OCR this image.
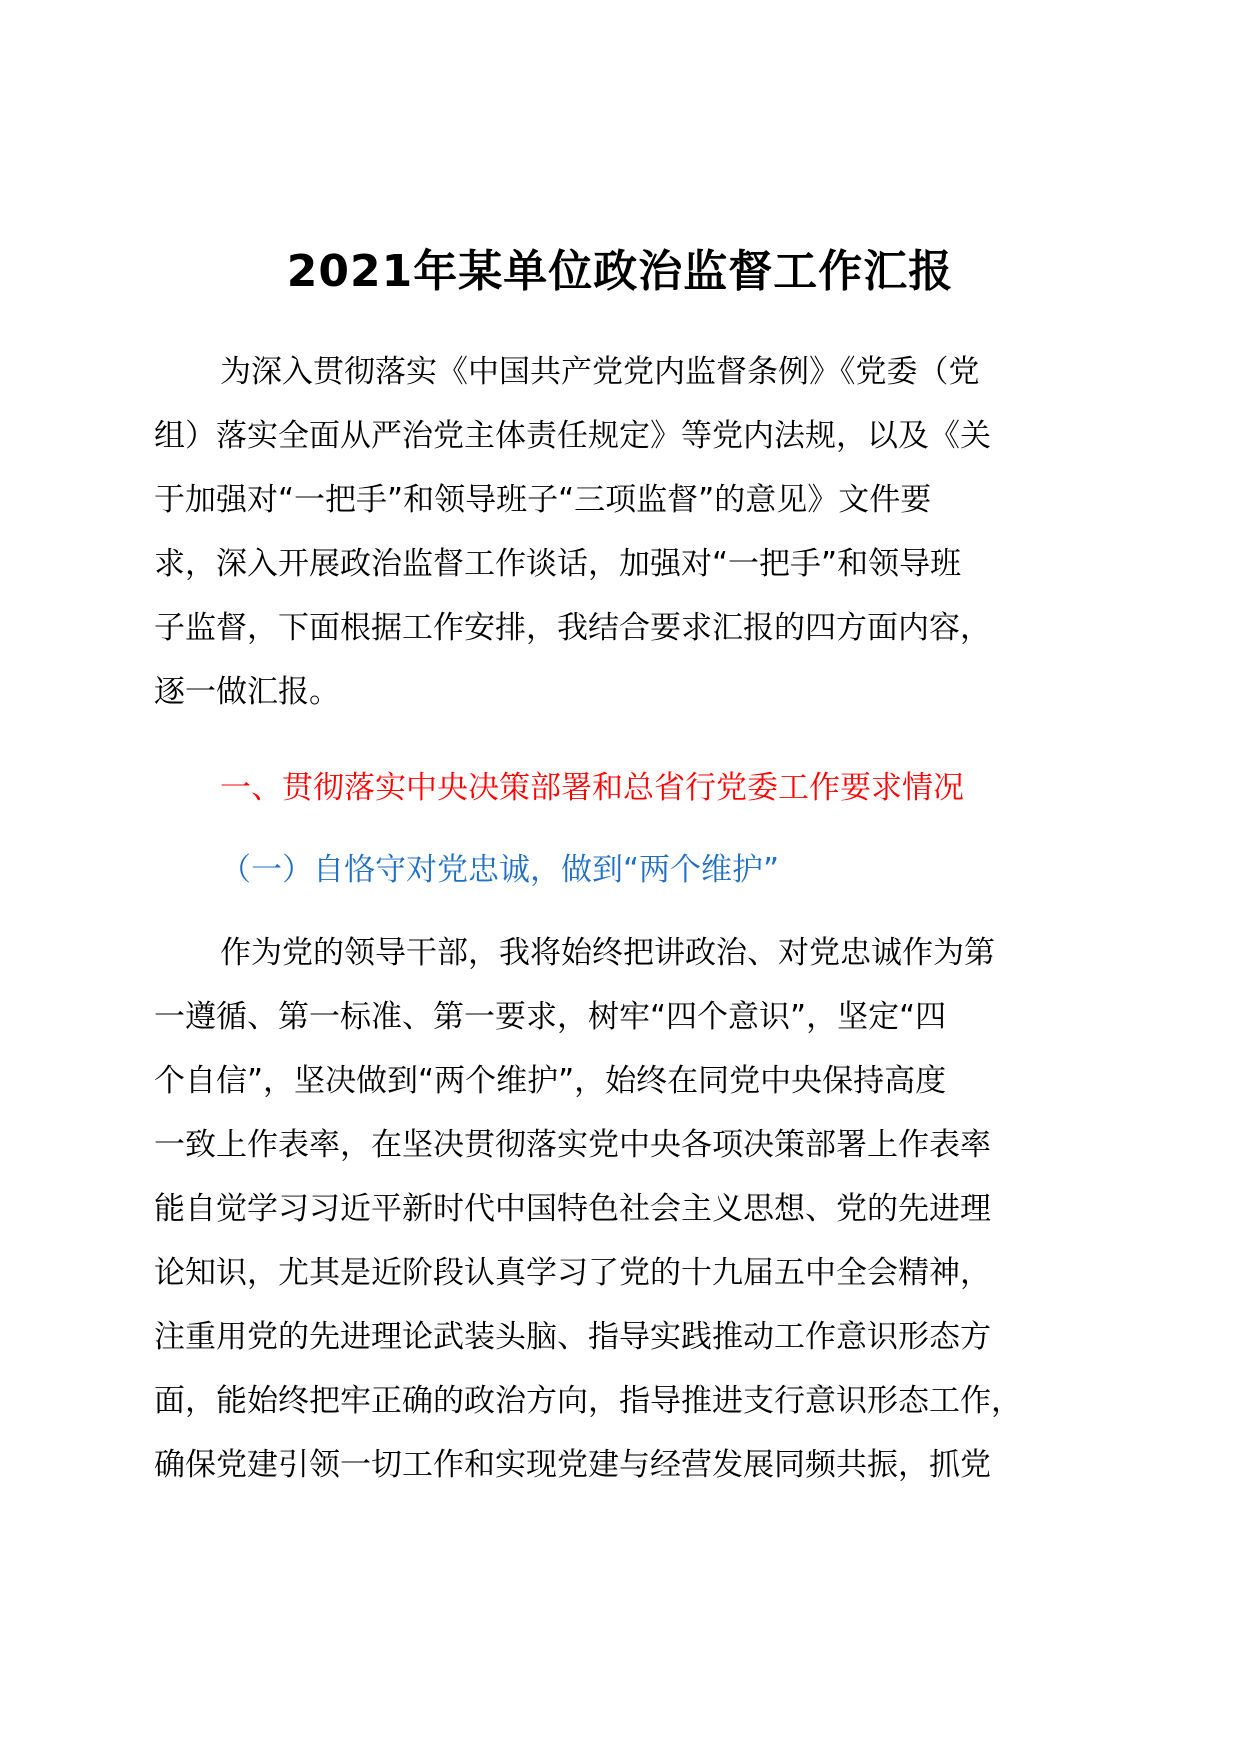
2021年某单位政治监督工作汇报
为深入贯彻落实《中国共产党党内监督条例》《党委（党
组）落实全面从严治党主体责任规定》等党内法规，以及《关
于加强对“一把手”和领导班子“三项监督”的意见》文件要
求，深入开展政治监督工作谈话，加强对“一把手”和领导班
子监督，下面根据工作安排，我结合要求汇报的四方面内容，
逐一做汇报。
一、贯彻落实中央决策部署和总省行党委工作要求情况
（一）自恪守对党忠诚，做到“两个维护”
作为党的领导干部，我将始终把讲政治、对党忠诚作为第
一遵循、第一标准、第一要求，树牢“四个意识”，坚定“四
个自信”，坚决做到“两个维护”，始终在同党中央保持高度
一致上作表率，在坚决贯彻落实党中央各项决策部署上作表率
能自觉学习习近平新时代中国特色社会主义思想、党的先进理
论知识，尤其是近阶段认真学习了党的十九届五中全会精神，
注重用党的先进理论武装头脑、指导实践推动工作意识形态方
面，能始终把牢正确的政治方向，指导推进支行意识形态工作，
确保党建引领一切工作和实现党建与经营发展同频共振，抓党
